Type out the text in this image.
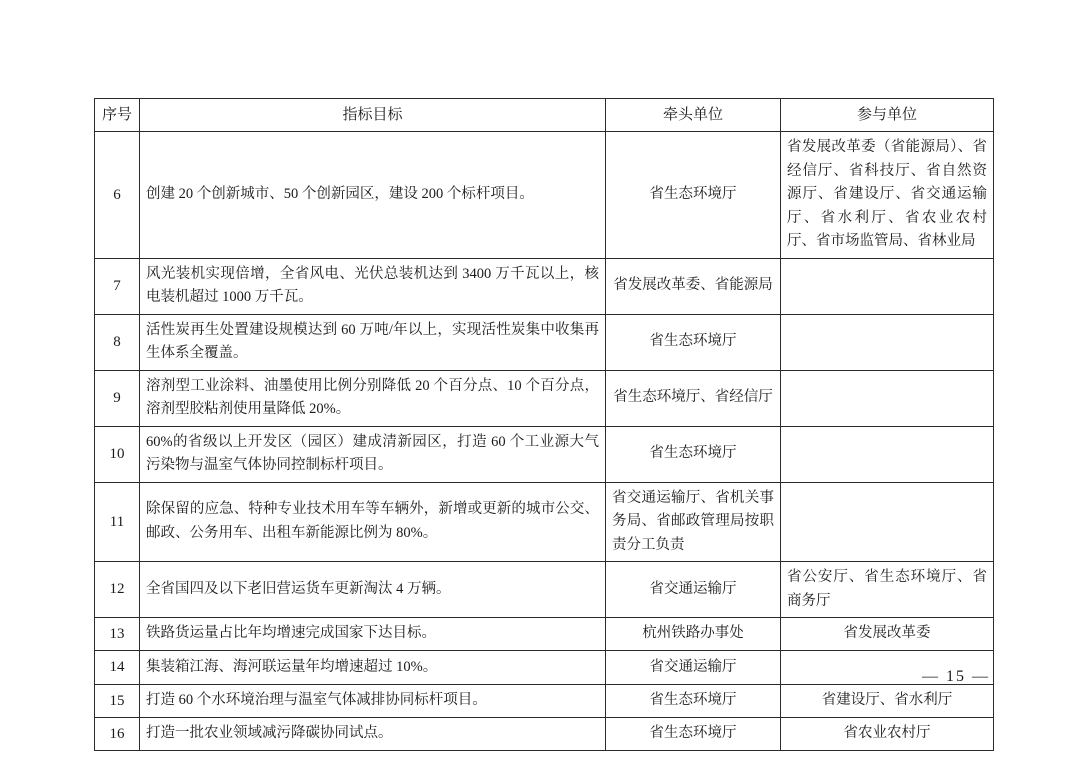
序号	指标目标	牵头单位	参与单位
6	创建 20 个创新城市、50 个创新园区，建设 200 个标杆项目。	省生态环境厅	省发展改革委（省能源局）、省经信厅、省科技厅、省自然资源厅、省建设厅、省交通运输厅、省水利厅、省农业农村厅、省市场监管局、省林业局
7	风光装机实现倍增，全省风电、光伏总装机达到 3400 万千瓦以上，核电装机超过 1000 万千瓦。	省发展改革委、省能源局	
8	活性炭再生处置建设规模达到 60 万吨/年以上，实现活性炭集中收集再生体系全覆盖。	省生态环境厅	
9	溶剂型工业涂料、油墨使用比例分别降低 20 个百分点、10 个百分点，溶剂型胶粘剂使用量降低 20%。	省生态环境厅、省经信厅	
10	60%的省级以上开发区（园区）建成清新园区，打造 60 个工业源大气污染物与温室气体协同控制标杆项目。	省生态环境厅	
11	除保留的应急、特种专业技术用车等车辆外，新增或更新的城市公交、邮政、公务用车、出租车新能源比例为 80%。	省交通运输厅、省机关事务局、省邮政管理局按职责分工负责	
12	全省国四及以下老旧营运货车更新淘汰 4 万辆。	省交通运输厅	省公安厅、省生态环境厅、省商务厅
13	铁路货运量占比年均增速完成国家下达目标。	杭州铁路办事处	省发展改革委
14	集装箱江海、海河联运量年均增速超过 10%。	省交通运输厅	
15	打造 60 个水环境治理与温室气体减排协同标杆项目。	省生态环境厅	省建设厅、省水利厅
16	打造一批农业领域减污降碳协同试点。	省生态环境厅	省农业农村厅
— 15 —
